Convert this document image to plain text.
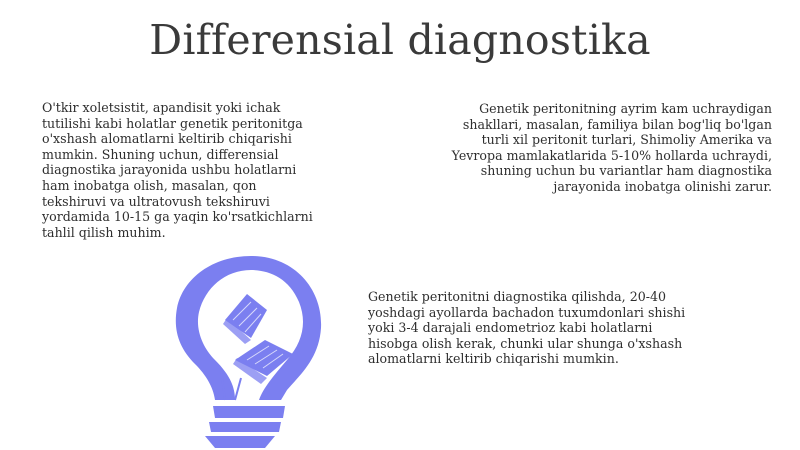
Differensial diagnostika

O'tkir xoletsistit, apandisit yoki ichak
tutilishi kabi holatlar genetik peritonitga
o'xshash alomatlarni keltirib chiqarishi
mumkin. Shuning uchun, differensial
diagnostika jarayonida ushbu holatlarni
ham inobatga olish, masalan, qon
tekshiruvi va ultratovush tekshiruvi
yordamida 10-15 ga yaqin ko'rsatkichlarni
tahlil qilish muhim.

Genetik peritonitning ayrim kam uchraydigan
shakllari, masalan, familiya bilan bog'liq bo'lgan
turli xil peritonit turlari, Shimoliy Amerika va
Yevropa mamlakatlarida 5-10% hollarda uchraydi,
shuning uchun bu variantlar ham diagnostika
jarayonida inobatga olinishi zarur.

Genetik peritonitni diagnostika qilishda, 20-40
yoshdagi ayollarda bachadon tuxumdonlari shishi
yoki 3-4 darajali endometrioz kabi holatlarni
hisobga olish kerak, chunki ular shunga o'xshash
alomatlarni keltirib chiqarishi mumkin.
